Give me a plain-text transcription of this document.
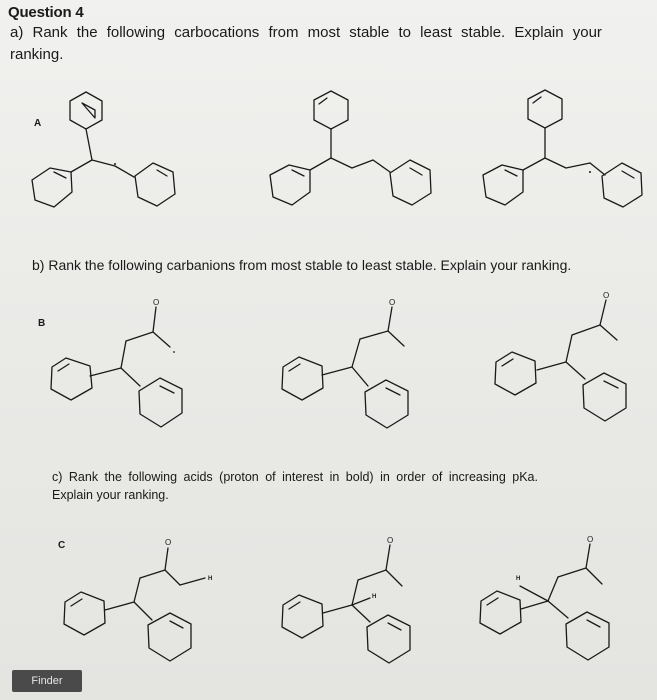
Question 4
a) Rank the following carbocations from most stable to least stable. Explain your
ranking.
A
b) Rank the following carbanions from most stable to least stable. Explain your ranking.
B
c) Rank the following acids (proton of interest in bold) in order of increasing pKa.
Explain your ranking.
C
O	O
O
O	O	O
H
H
H
Finder
